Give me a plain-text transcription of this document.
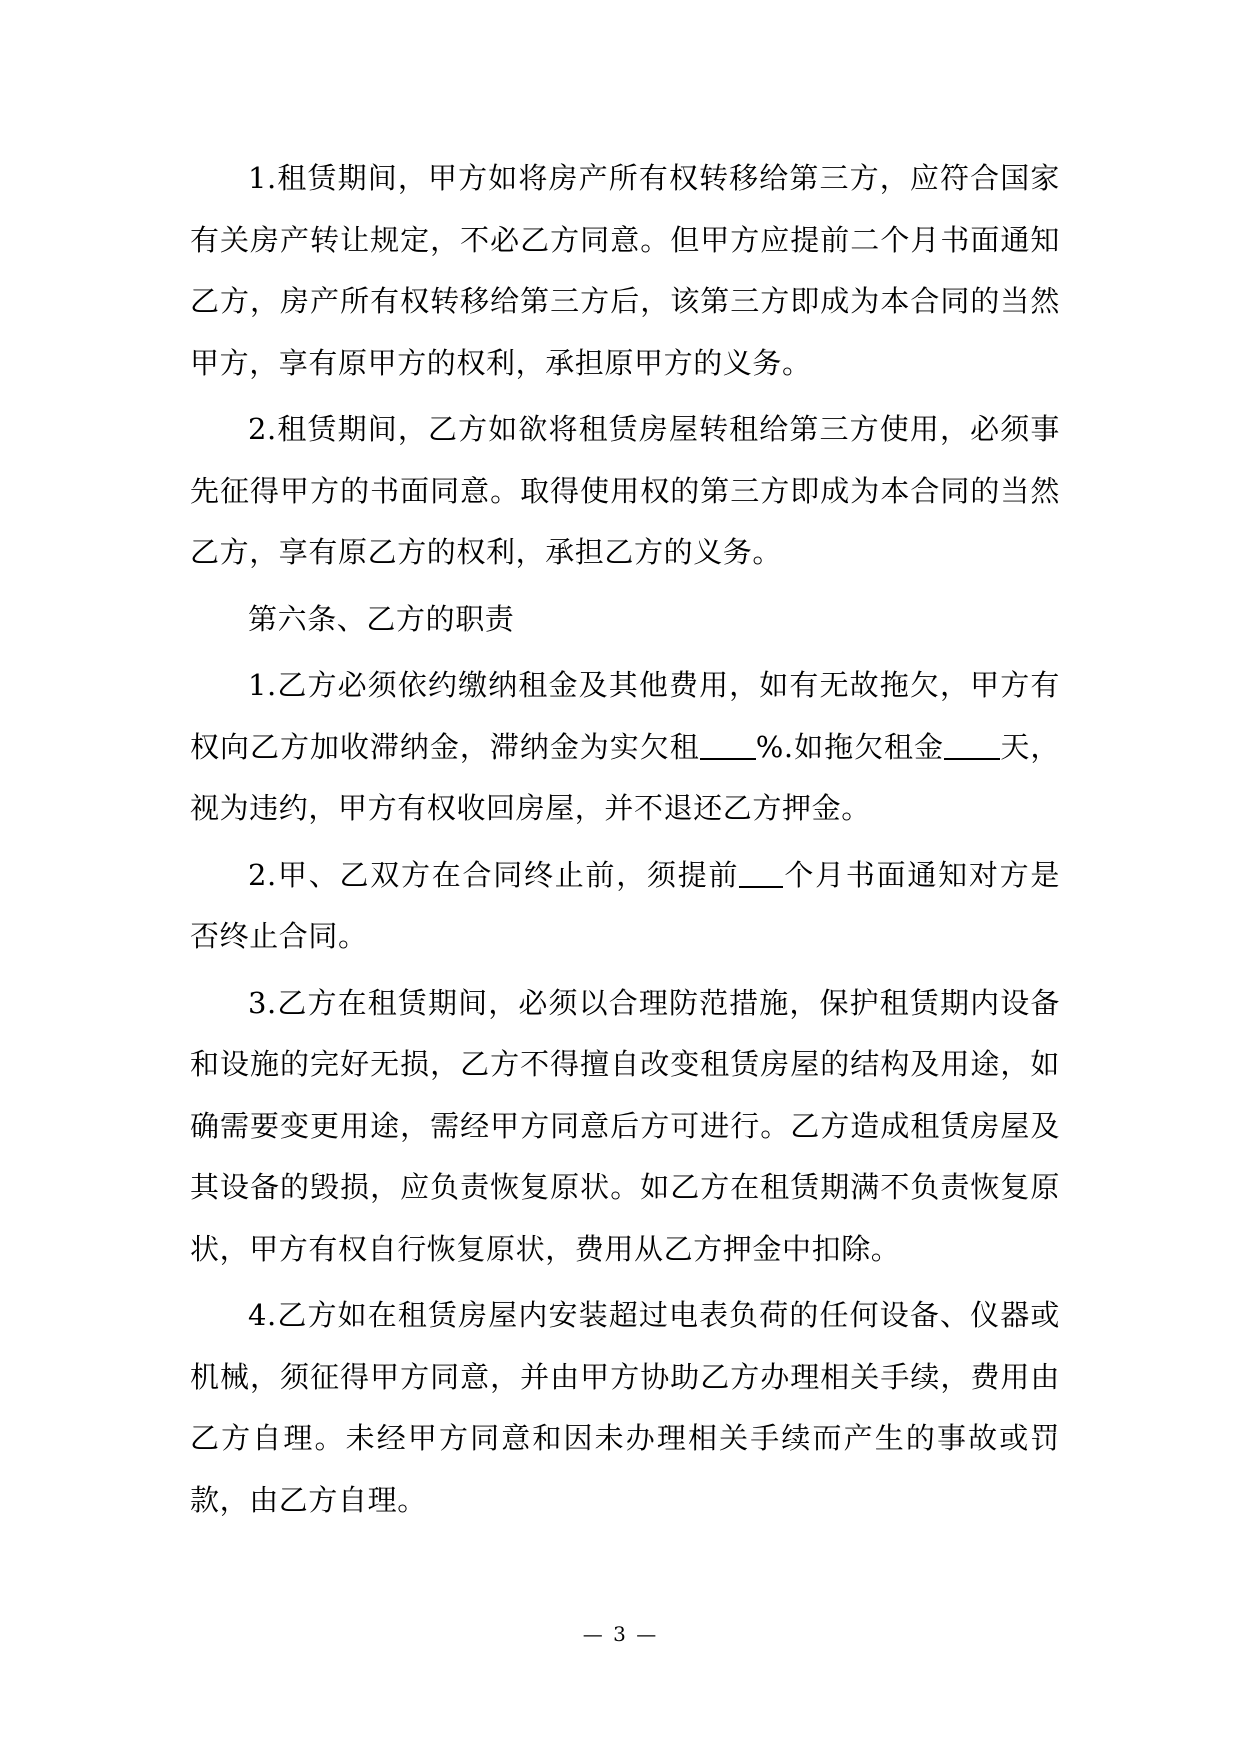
1.租赁期间，甲方如将房产所有权转移给第三方，应符合国家有关房产转让规定，不必乙方同意。但甲方应提前二个月书面通知乙方，房产所有权转移给第三方后，该第三方即成为本合同的当然甲方，享有原甲方的权利，承担原甲方的义务。

2.租赁期间，乙方如欲将租赁房屋转租给第三方使用，必须事先征得甲方的书面同意。取得使用权的第三方即成为本合同的当然乙方，享有原乙方的权利，承担乙方的义务。

第六条、乙方的职责

1.乙方必须依约缴纳租金及其他费用，如有无故拖欠，甲方有权向乙方加收滞纳金，滞纳金为实欠租 %.如拖欠租金 天，视为违约，甲方有权收回房屋，并不退还乙方押金。

2.甲、乙双方在合同终止前，须提前 个月书面通知对方是否终止合同。

3.乙方在租赁期间，必须以合理防范措施，保护租赁期内设备和设施的完好无损，乙方不得擅自改变租赁房屋的结构及用途，如确需要变更用途，需经甲方同意后方可进行。乙方造成租赁房屋及其设备的毁损，应负责恢复原状。如乙方在租赁期满不负责恢复原状，甲方有权自行恢复原状，费用从乙方押金中扣除。

4.乙方如在租赁房屋内安装超过电表负荷的任何设备、仪器或机械，须征得甲方同意，并由甲方协助乙方办理相关手续，费用由乙方自理。未经甲方同意和因未办理相关手续而产生的事故或罚款，由乙方自理。

— 3 —
